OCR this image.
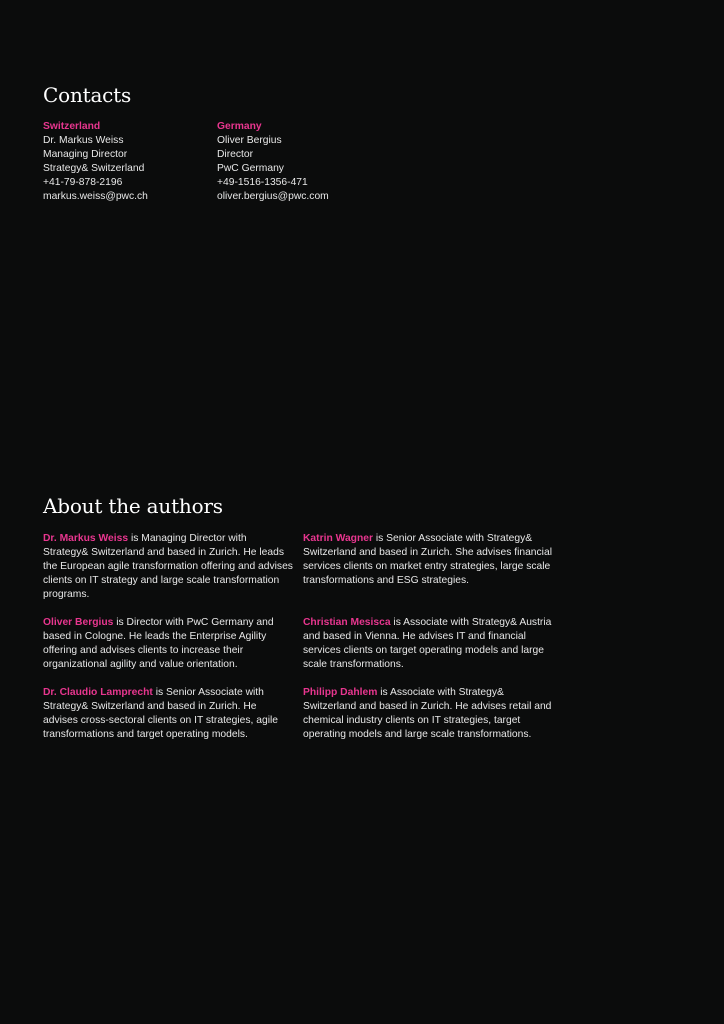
Contacts
Switzerland
Dr. Markus Weiss
Managing Director
Strategy& Switzerland
+41-79-878-2196
markus.weiss@pwc.ch
Germany
Oliver Bergius
Director
PwC Germany
+49-1516-1356-471
oliver.bergius@pwc.com
About the authors
Dr. Markus Weiss is Managing Director with Strategy& Switzerland and based in Zurich. He leads the European agile transformation offering and advises clients on IT strategy and large scale transformation programs.
Oliver Bergius is Director with PwC Germany and based in Cologne. He leads the Enterprise Agility offering and advises clients to increase their organizational agility and value orientation.
Dr. Claudio Lamprecht is Senior Associate with Strategy& Switzerland and based in Zurich. He advises cross-sectoral clients on IT strategies, agile transformations and target operating models.
Katrin Wagner is Senior Associate with Strategy& Switzerland and based in Zurich. She advises financial services clients on market entry strategies, large scale transformations and ESG strategies.
Christian Mesisca is Associate with Strategy& Austria and based in Vienna. He advises IT and financial services clients on target operating models and large scale transformations.
Philipp Dahlem is Associate with Strategy& Switzerland and based in Zurich. He advises retail and chemical industry clients on IT strategies, target operating models and large scale transformations.
